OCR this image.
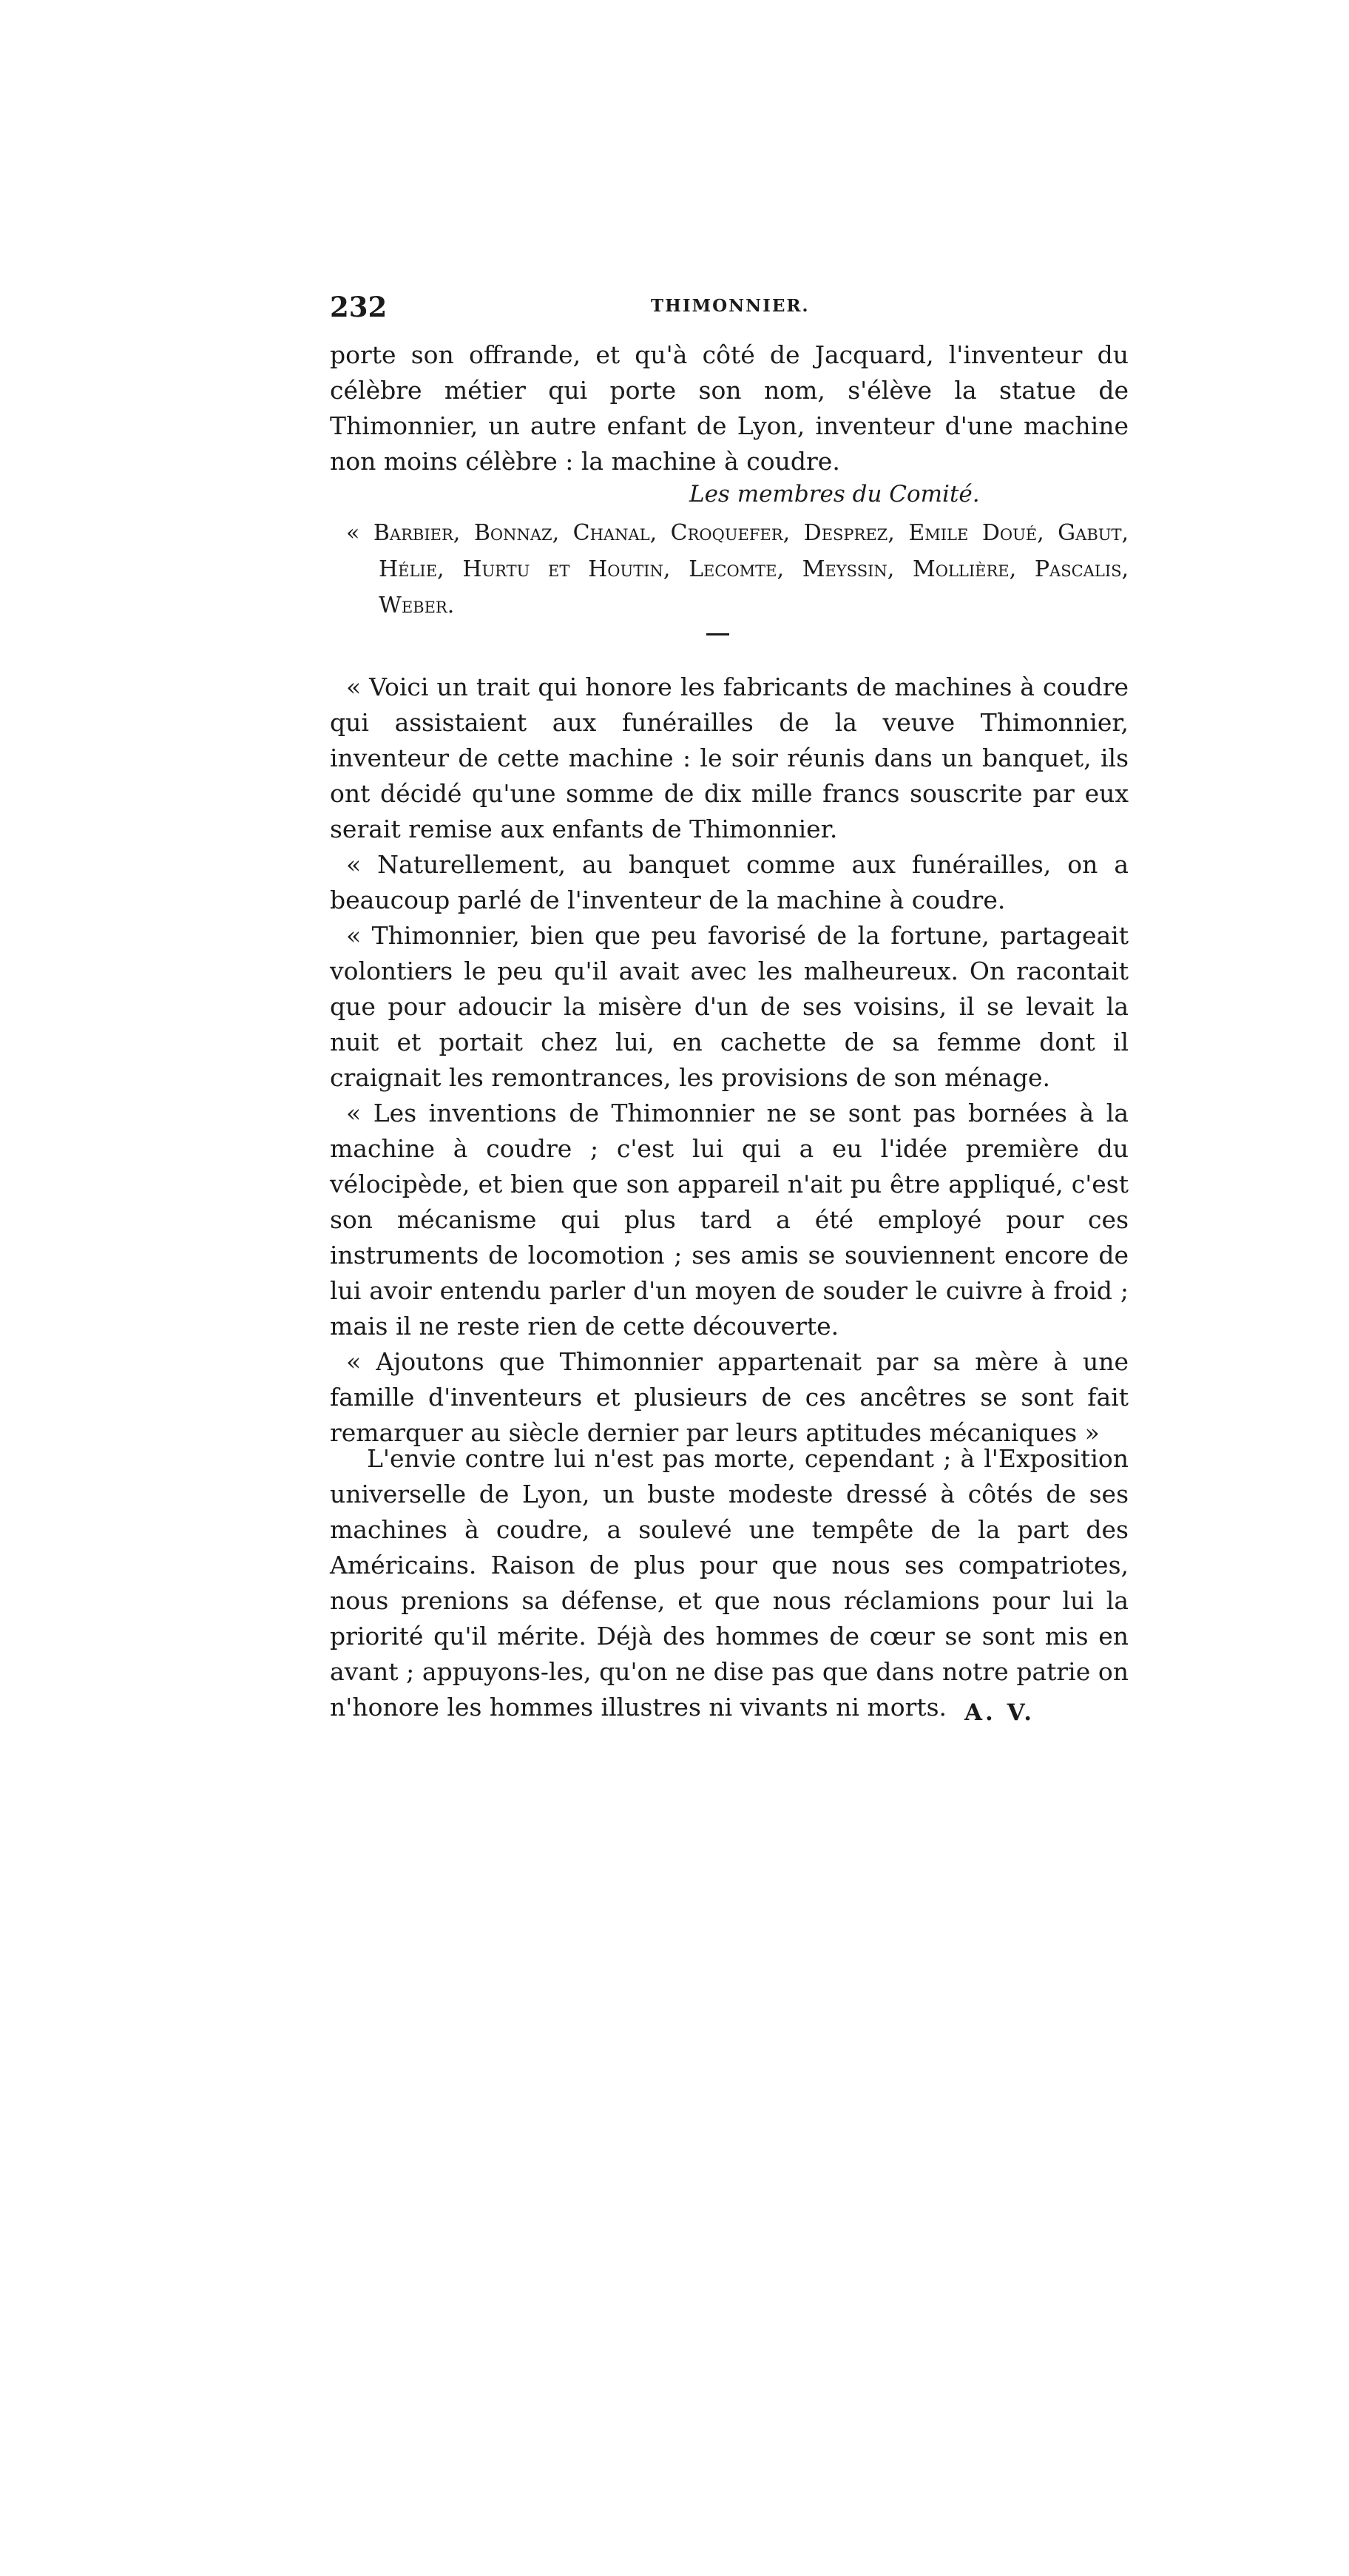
232	THIMONNIER.

porte son offrande, et qu'à côté de Jacquard, l'inventeur du célèbre métier qui porte son nom, s'élève la statue de Thimonnier, un autre enfant de Lyon, inventeur d'une machine non moins célèbre : la machine à coudre.

Les membres du Comité.

« Barbier, Bonnaz, Chanal, Croquefer, Desprez, Emile Doué, Gabut, Hélie, Hurtu et Houtin, Lecomte, Meyssin, Mollière, Pascalis, Weber.

« Voici un trait qui honore les fabricants de machines à coudre qui assistaient aux funérailles de la veuve Thimonnier, inventeur de cette machine : le soir réunis dans un banquet, ils ont décidé qu'une somme de dix mille francs souscrite par eux serait remise aux enfants de Thimonnier.

« Naturellement, au banquet comme aux funérailles, on a beaucoup parlé de l'inventeur de la machine à coudre.

« Thimonnier, bien que peu favorisé de la fortune, partageait volontiers le peu qu'il avait avec les malheureux. On racontait que pour adoucir la misère d'un de ses voisins, il se levait la nuit et portait chez lui, en cachette de sa femme dont il craignait les remontrances, les provisions de son ménage.

« Les inventions de Thimonnier ne se sont pas bornées à la machine à coudre ; c'est lui qui a eu l'idée première du vélocipède, et bien que son appareil n'ait pu être appliqué, c'est son mécanisme qui plus tard a été employé pour ces instruments de locomotion ; ses amis se souviennent encore de lui avoir entendu parler d'un moyen de souder le cuivre à froid ; mais il ne reste rien de cette découverte.

« Ajoutons que Thimonnier appartenait par sa mère à une famille d'inventeurs et plusieurs de ces ancêtres se sont fait remarquer au siècle dernier par leurs aptitudes mécaniques »

L'envie contre lui n'est pas morte, cependant ; à l'Exposition universelle de Lyon, un buste modeste dressé à côtés de ses machines à coudre, a soulevé une tempête de la part des Américains. Raison de plus pour que nous ses compatriotes, nous prenions sa défense, et que nous réclamions pour lui la priorité qu'il mérite. Déjà des hommes de cœur se sont mis en avant ; appuyons-les, qu'on ne dise pas que dans notre patrie on n'honore les hommes illustres ni vivants ni morts. A. V.
